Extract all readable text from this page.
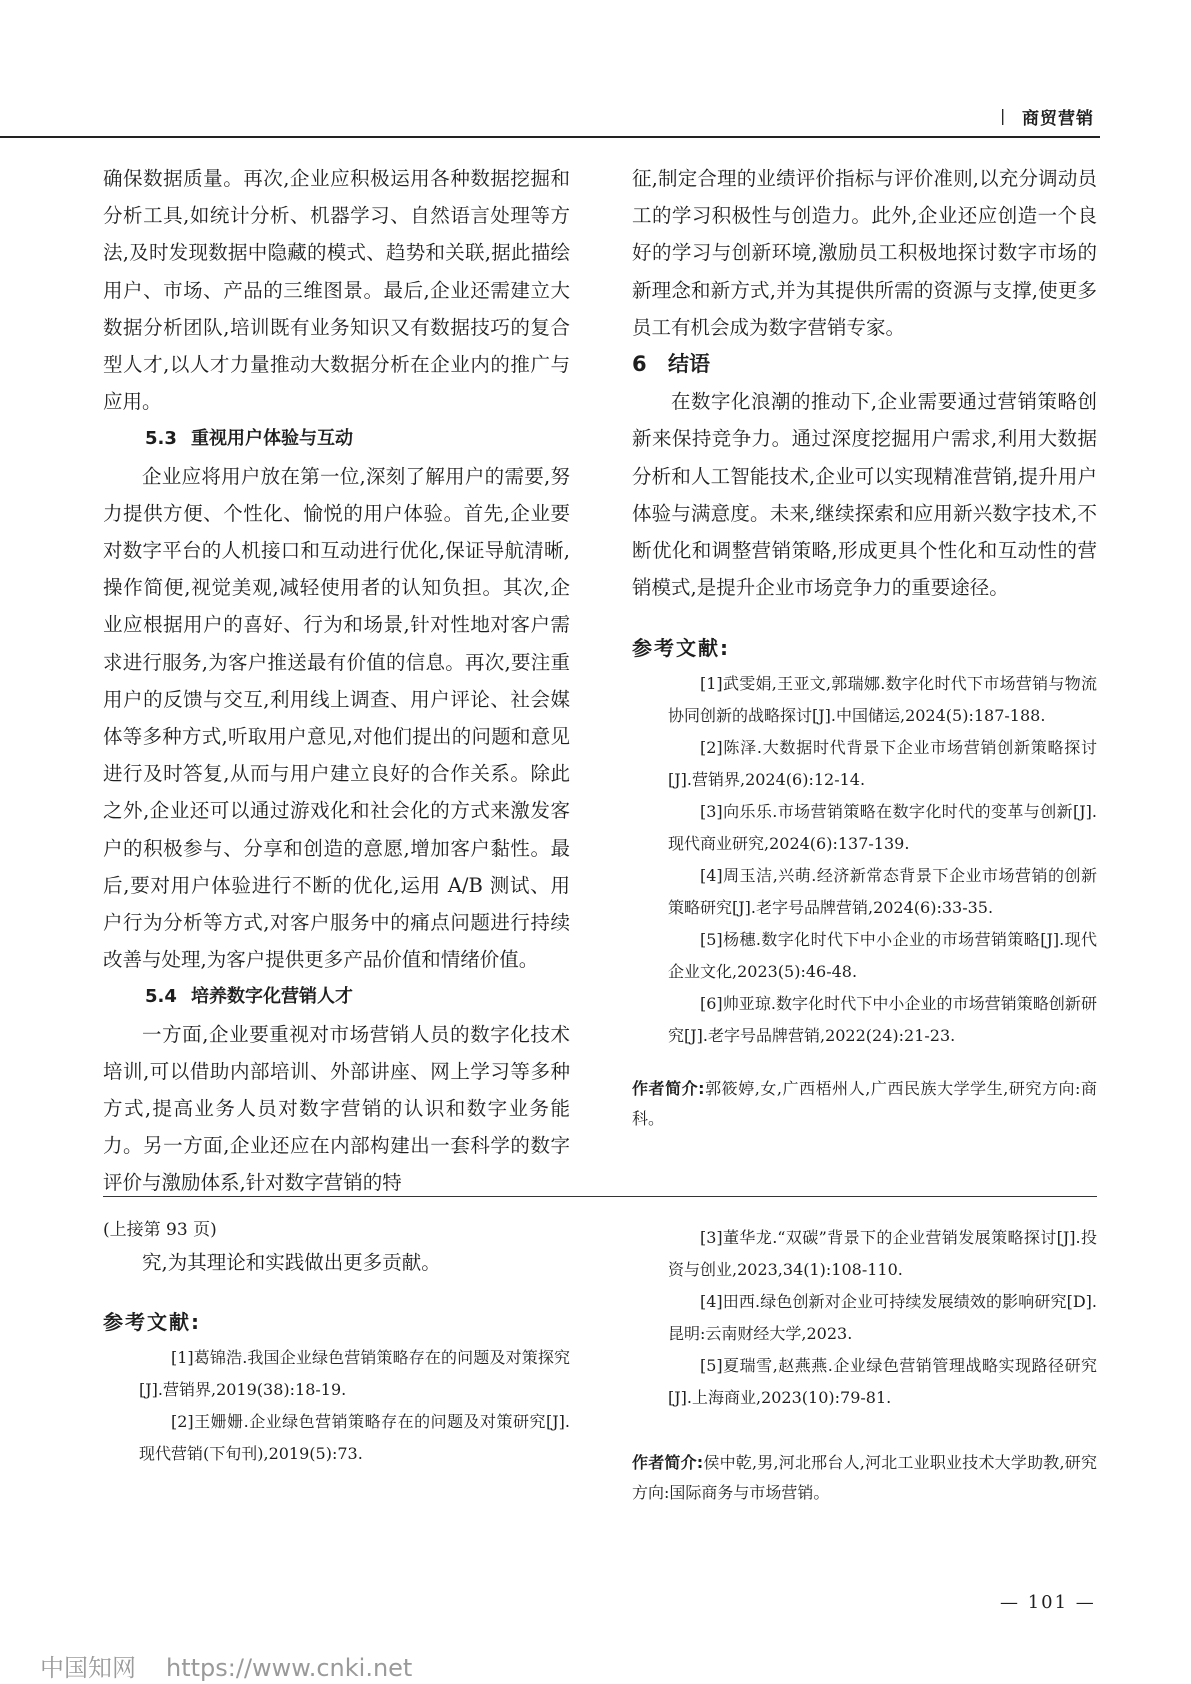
| 商贸营销

确保数据质量。再次,企业应积极运用各种数据挖掘和分析工具,如统计分析、机器学习、自然语言处理等方法,及时发现数据中隐藏的模式、趋势和关联,据此描绘用户、市场、产品的三维图景。最后,企业还需建立大数据分析团队,培训既有业务知识又有数据技巧的复合型人才,以人才力量推动大数据分析在企业内的推广与应用。

5.3 重视用户体验与互动

企业应将用户放在第一位,深刻了解用户的需要,努力提供方便、个性化、愉悦的用户体验。首先,企业要对数字平台的人机接口和互动进行优化,保证导航清晰,操作简便,视觉美观,减轻使用者的认知负担。其次,企业应根据用户的喜好、行为和场景,针对性地对客户需求进行服务,为客户推送最有价值的信息。再次,要注重用户的反馈与交互,利用线上调查、用户评论、社会媒体等多种方式,听取用户意见,对他们提出的问题和意见进行及时答复,从而与用户建立良好的合作关系。除此之外,企业还可以通过游戏化和社会化的方式来激发客户的积极参与、分享和创造的意愿,增加客户黏性。最后,要对用户体验进行不断的优化,运用 A/B 测试、用户行为分析等方式,对客户服务中的痛点问题进行持续改善与处理,为客户提供更多产品价值和情绪价值。

5.4 培养数字化营销人才

一方面,企业要重视对市场营销人员的数字化技术培训,可以借助内部培训、外部讲座、网上学习等多种方式,提高业务人员对数字营销的认识和数字业务能力。另一方面,企业还应在内部构建出一套科学的数字评价与激励体系,针对数字营销的特

征,制定合理的业绩评价指标与评价准则,以充分调动员工的学习积极性与创造力。此外,企业还应创造一个良好的学习与创新环境,激励员工积极地探讨数字市场的新理念和新方式,并为其提供所需的资源与支撑,使更多员工有机会成为数字营销专家。

6 结语

在数字化浪潮的推动下,企业需要通过营销策略创新来保持竞争力。通过深度挖掘用户需求,利用大数据分析和人工智能技术,企业可以实现精准营销,提升用户体验与满意度。未来,继续探索和应用新兴数字技术,不断优化和调整营销策略,形成更具个性化和互动性的营销模式,是提升企业市场竞争力的重要途径。

参考文献:

[1]武雯娟,王亚文,郭瑞娜.数字化时代下市场营销与物流协同创新的战略探讨[J].中国储运,2024(5):187-188.

[2]陈泽.大数据时代背景下企业市场营销创新策略探讨[J].营销界,2024(6):12-14.

[3]向乐乐.市场营销策略在数字化时代的变革与创新[J].现代商业研究,2024(6):137-139.

[4]周玉洁,兴萌.经济新常态背景下企业市场营销的创新策略研究[J].老字号品牌营销,2024(6):33-35.

[5]杨穗.数字化时代下中小企业的市场营销策略[J].现代企业文化,2023(5):46-48.

[6]帅亚琼.数字化时代下中小企业的市场营销策略创新研究[J].老字号品牌营销,2022(24):21-23.

作者简介:郭筱婷,女,广西梧州人,广西民族大学学生,研究方向:商科。
(上接第 93 页)

究,为其理论和实践做出更多贡献。

参考文献:

[1]葛锦浩.我国企业绿色营销策略存在的问题及对策探究[J].营销界,2019(38):18-19.

[2]王姗姗.企业绿色营销策略存在的问题及对策研究[J].现代营销(下旬刊),2019(5):73.

[3]董华龙.“双碳”背景下的企业营销发展策略探讨[J].投资与创业,2023,34(1):108-110.

[4]田西.绿色创新对企业可持续发展绩效的影响研究[D].昆明:云南财经大学,2023.

[5]夏瑞雪,赵燕燕.企业绿色营销管理战略实现路径研究[J].上海商业,2023(10):79-81.

作者简介:侯中乾,男,河北邢台人,河北工业职业技术大学助教,研究方向:国际商务与市场营销。
— 101 —
中国知网 https://www.cnki.net
